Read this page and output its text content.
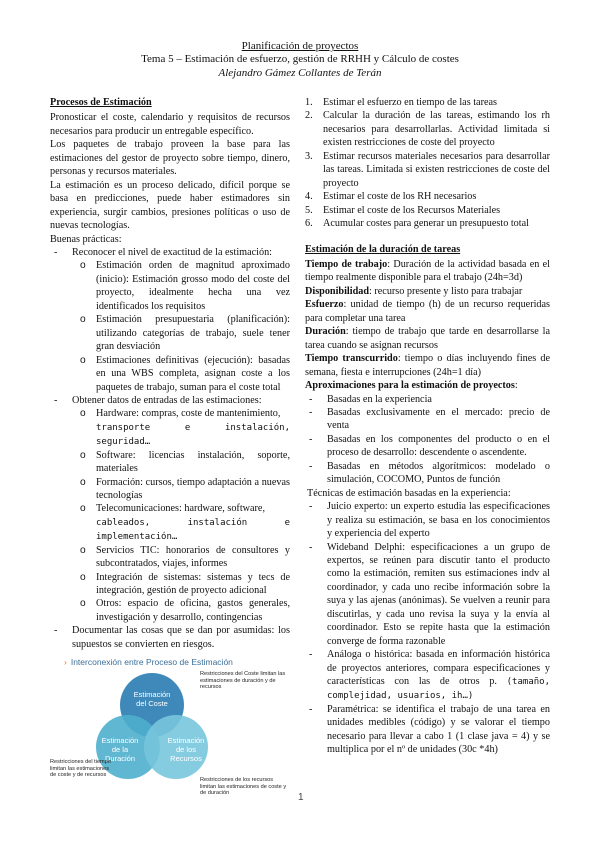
Planificación de proyectos
Tema 5 – Estimación de esfuerzo, gestión de RRHH y Cálculo de costes
Alejandro Gámez Collantes de Terán
Procesos de Estimación

Pronosticar el coste, calendario y requisitos de recursos necesarios para producir un entregable específico.

Los paquetes de trabajo proveen la base para las estimaciones del gestor de proyecto sobre tiempo, dinero, personas y recursos materiales.

La estimación es un proceso delicado, difícil porque se basa en predicciones, puede haber estimadores sin experiencia, surgir cambios, presiones políticas o uso de nuevas tecnologías.

Buenas prácticas:

- Reconocer el nivel de exactitud de la estimación:
o Estimación orden de magnitud aproximado (inicio): Estimación grosso modo del coste del proyecto, idealmente hecha una vez identificados los requisitos
o Estimación presupuestaria (planificación): utilizando categorías de trabajo, suele tener gran desviación
o Estimaciones definitivas (ejecución): basadas en una WBS completa, asignan coste a los paquetes de trabajo, suman para el coste total
- Obtener datos de entradas de las estimaciones:
o Hardware: compras, coste de mantenimiento,
transporte e instalación, seguridad…
o Software: licencias instalación, soporte, materiales
o Formación: cursos, tiempo adaptación a nuevas tecnologías
o Telecomunicaciones: hardware, software,
cableados, instalación e implementación…
o Servicios TIC: honorarios de consultores y subcontratados, viajes, informes
o Integración de sistemas: sistemas y tecs de integración, gestión de proyecto adicional
o Otros: espacio de oficina, gastos generales, investigación y desarrollo, contingencias
- Documentar las cosas que se dan por asumidas: los supuestos se convierten en riesgos.
› Interconexión entre Proceso de Estimación
Estimación del Coste
Estimación de la Duración
Estimación de los Recursos
Restricciones del Coste limitan las estimaciones de duración y de recursos
Restricciones del tiempo limitan las estimaciones de coste y de recursos
Restricciones de los recursos limitan las estimaciones de coste y de duración
1. Estimar el esfuerzo en tiempo de las tareas
2. Calcular la duración de las tareas, estimando los rh necesarios para desarrollarlas. Actividad limitada si existen restricciones de coste del proyecto
3. Estimar recursos materiales necesarios para desarrollar las tareas. Limitada si existen restricciones de coste del proyecto
4. Estimar el coste de los RH necesarios
5. Estimar el coste de los Recursos Materiales
6. Acumular costes para generar un presupuesto total
Estimación de la duración de tareas

Tiempo de trabajo: Duración de la actividad basada en el tiempo realmente disponible para el trabajo (24h=3d)

Disponibilidad: recurso presente y listo para trabajar

Esfuerzo: unidad de tiempo (h) de un recurso requeridas para completar una tarea

Duración: tiempo de trabajo que tarde en desarrollarse la tarea cuando se asignan recursos

Tiempo transcurrido: tiempo o días incluyendo fines de semana, fiesta e interrupciones (24h=1 día)

Aproximaciones para la estimación de proyectos:

- Basadas en la experiencia
- Basadas exclusivamente en el mercado: precio de venta
- Basadas en los componentes del producto o en el proceso de desarrollo: descendente o ascendente.
- Basadas en métodos algorítmicos: modelado o simulación, COCOMO, Puntos de función

Técnicas de estimación basadas en la experiencia:

- Juicio experto: un experto estudia las especificaciones y realiza su estimación, se basa en los conocimientos y experiencia del experto
- Wideband Delphi: especificaciones a un grupo de expertos, se reúnen para discutir tanto el producto como la estimación, remiten sus estimaciones indv al coordinador, y cada uno recibe información sobre la suya y las ajenas (anónimas). Se vuelven a reunir para discutirlas, y cada uno revisa la suya y la envía al coordinador. Esto se repite hasta que la estimación converge de forma razonable
- Análoga o histórica: basada en información histórica de proyectos anteriores, compara especificaciones y características con las de otros p. (tamaño, complejidad, usuarios, ih…)
- Paramétrica: se identifica el trabajo de una tarea en unidades medibles (código) y se valorar el tiempo necesario para llevar a cabo 1 (1 clase java = 4) y se multiplica por el nº de unidades (30c *4h)
1
